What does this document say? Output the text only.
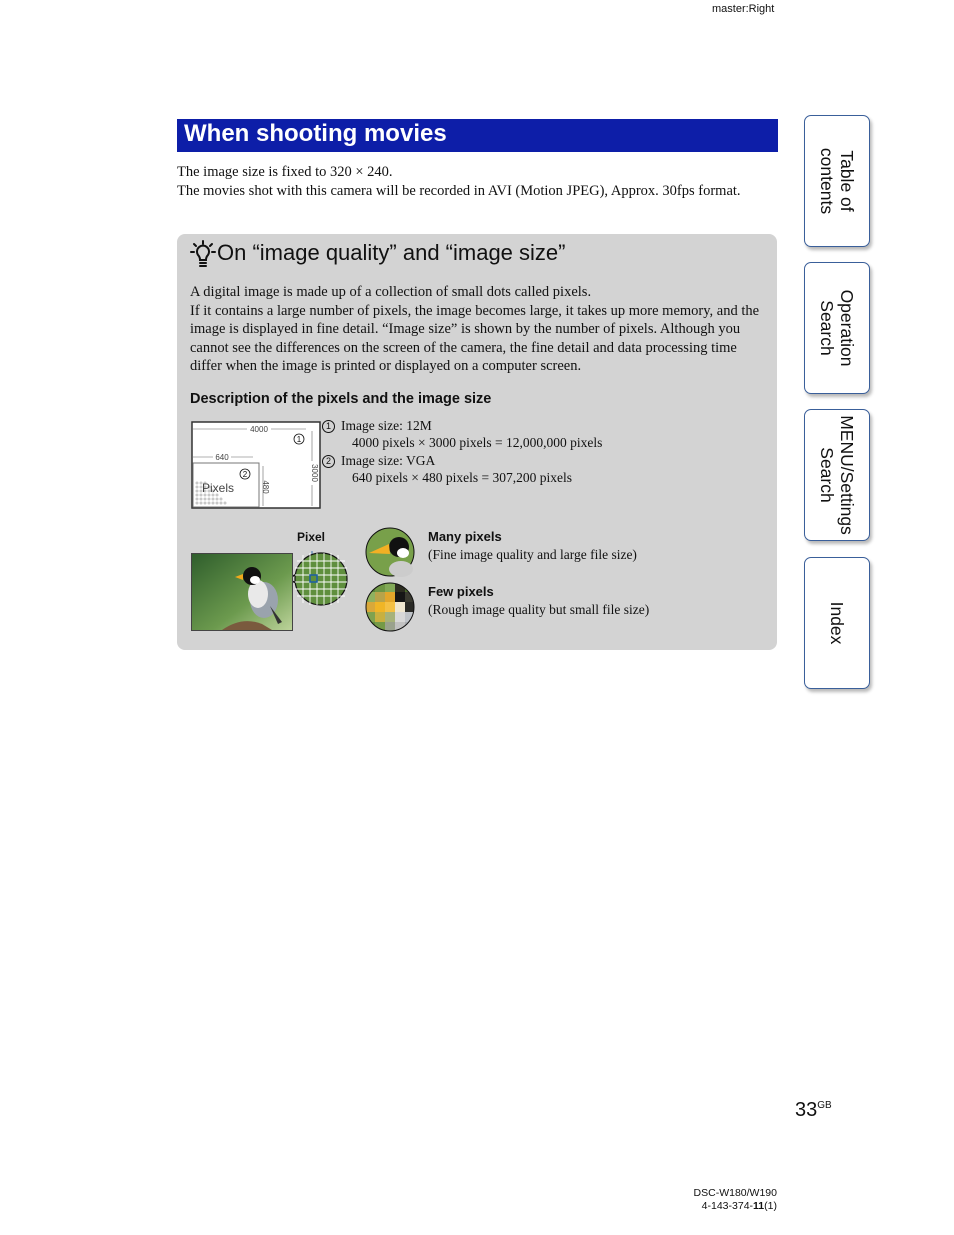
master:Right
When shooting movies

The image size is fixed to 320 × 240.

The movies shot with this camera will be recorded in AVI (Motion JPEG), Approx. 30fps format.

On “image quality” and “image size”

A digital image is made up of a collection of small dots called pixels.

If it contains a large number of pixels, the image becomes large, it takes up more memory, and the image is displayed in fine detail. “Image size” is shown by the number of pixels. Although you cannot see the differences on the screen of the camera, the fine detail and data processing time differ when the image is printed or displayed on a computer screen.

Description of the pixels and the image size
4000
3000
640
480
Pixels
1
2
1 Image size: 12M
4000 pixels × 3000 pixels = 12,000,000 pixels
2 Image size: VGA
640 pixels × 480 pixels = 307,200 pixels
Pixel	Many pixels
(Fine image quality and large file size)
Few pixels
(Rough image quality but small file size)
Table of
contents
Operation
Search
MENU/Settings
Search
Index
$33^{GB}$
DSC-W180/W190
4-143-374-11(1)
